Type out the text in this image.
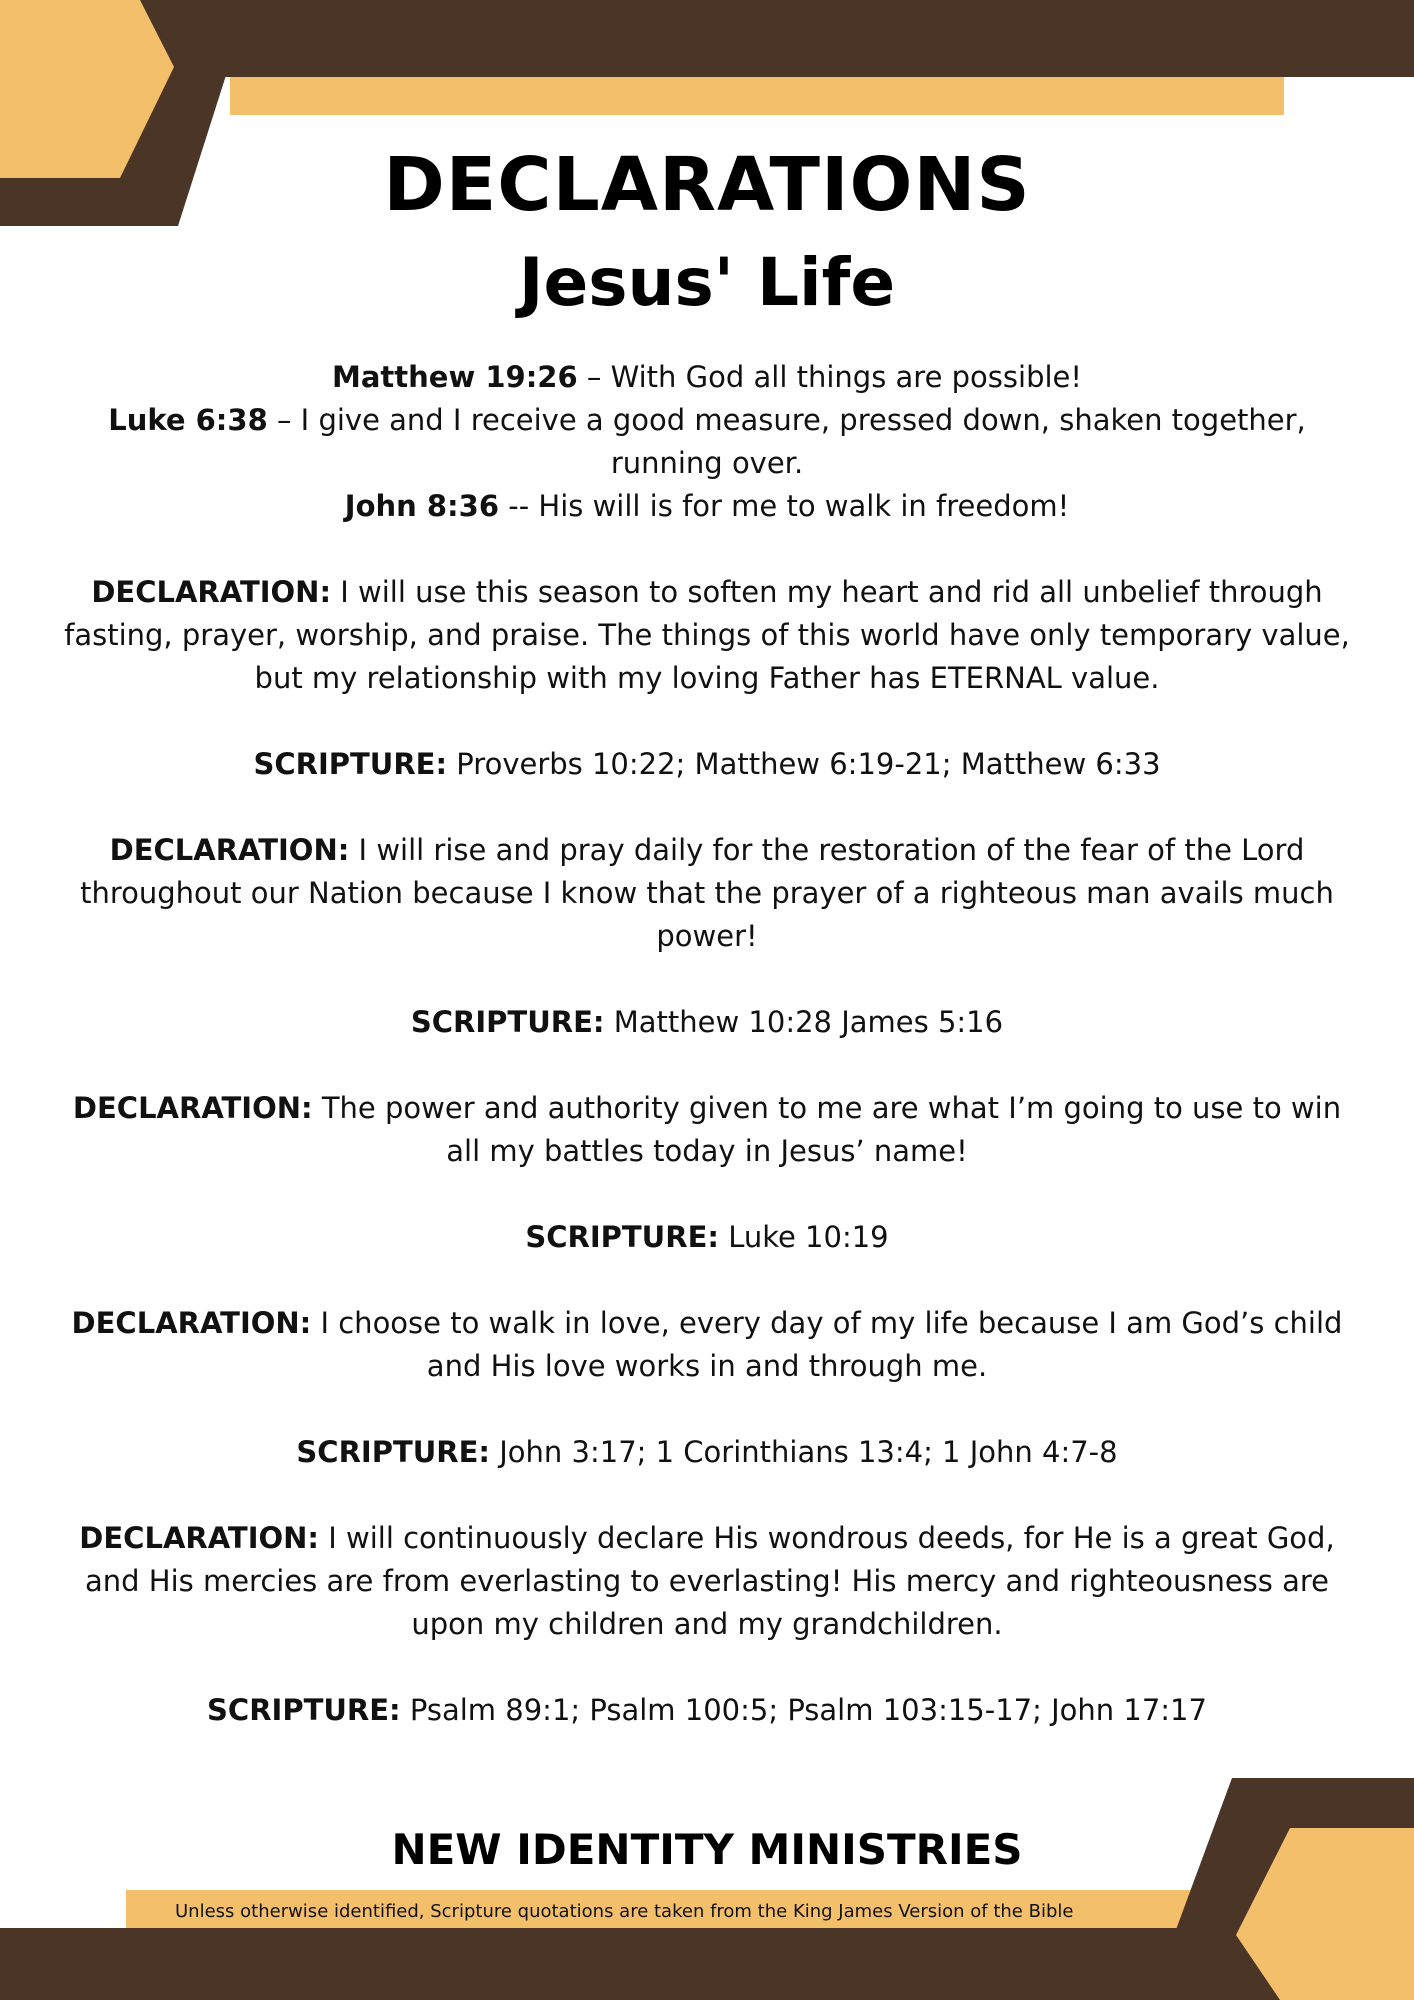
DECLARATIONS
Jesus' Life

Matthew 19:26 – With God all things are possible!

Luke 6:38 – I give and I receive a good measure, pressed down, shaken together, running over.

John 8:36 -- His will is for me to walk in freedom!

DECLARATION: I will use this season to soften my heart and rid all unbelief through fasting, prayer, worship, and praise. The things of this world have only temporary value, but my relationship with my loving Father has ETERNAL value.

SCRIPTURE: Proverbs 10:22; Matthew 6:19-21; Matthew 6:33

DECLARATION: I will rise and pray daily for the restoration of the fear of the Lord throughout our Nation because I know that the prayer of a righteous man avails much power!

SCRIPTURE: Matthew 10:28 James 5:16

DECLARATION: The power and authority given to me are what I’m going to use to win all my battles today in Jesus’ name!

SCRIPTURE: Luke 10:19

DECLARATION: I choose to walk in love, every day of my life because I am God’s child and His love works in and through me.

SCRIPTURE: John 3:17; 1 Corinthians 13:4; 1 John 4:7-8

DECLARATION: I will continuously declare His wondrous deeds, for He is a great God, and His mercies are from everlasting to everlasting! His mercy and righteousness are upon my children and my grandchildren.

SCRIPTURE: Psalm 89:1; Psalm 100:5; Psalm 103:15-17; John 17:17

NEW IDENTITY MINISTRIES

Unless otherwise identified, Scripture quotations are taken from the King James Version of the Bible
